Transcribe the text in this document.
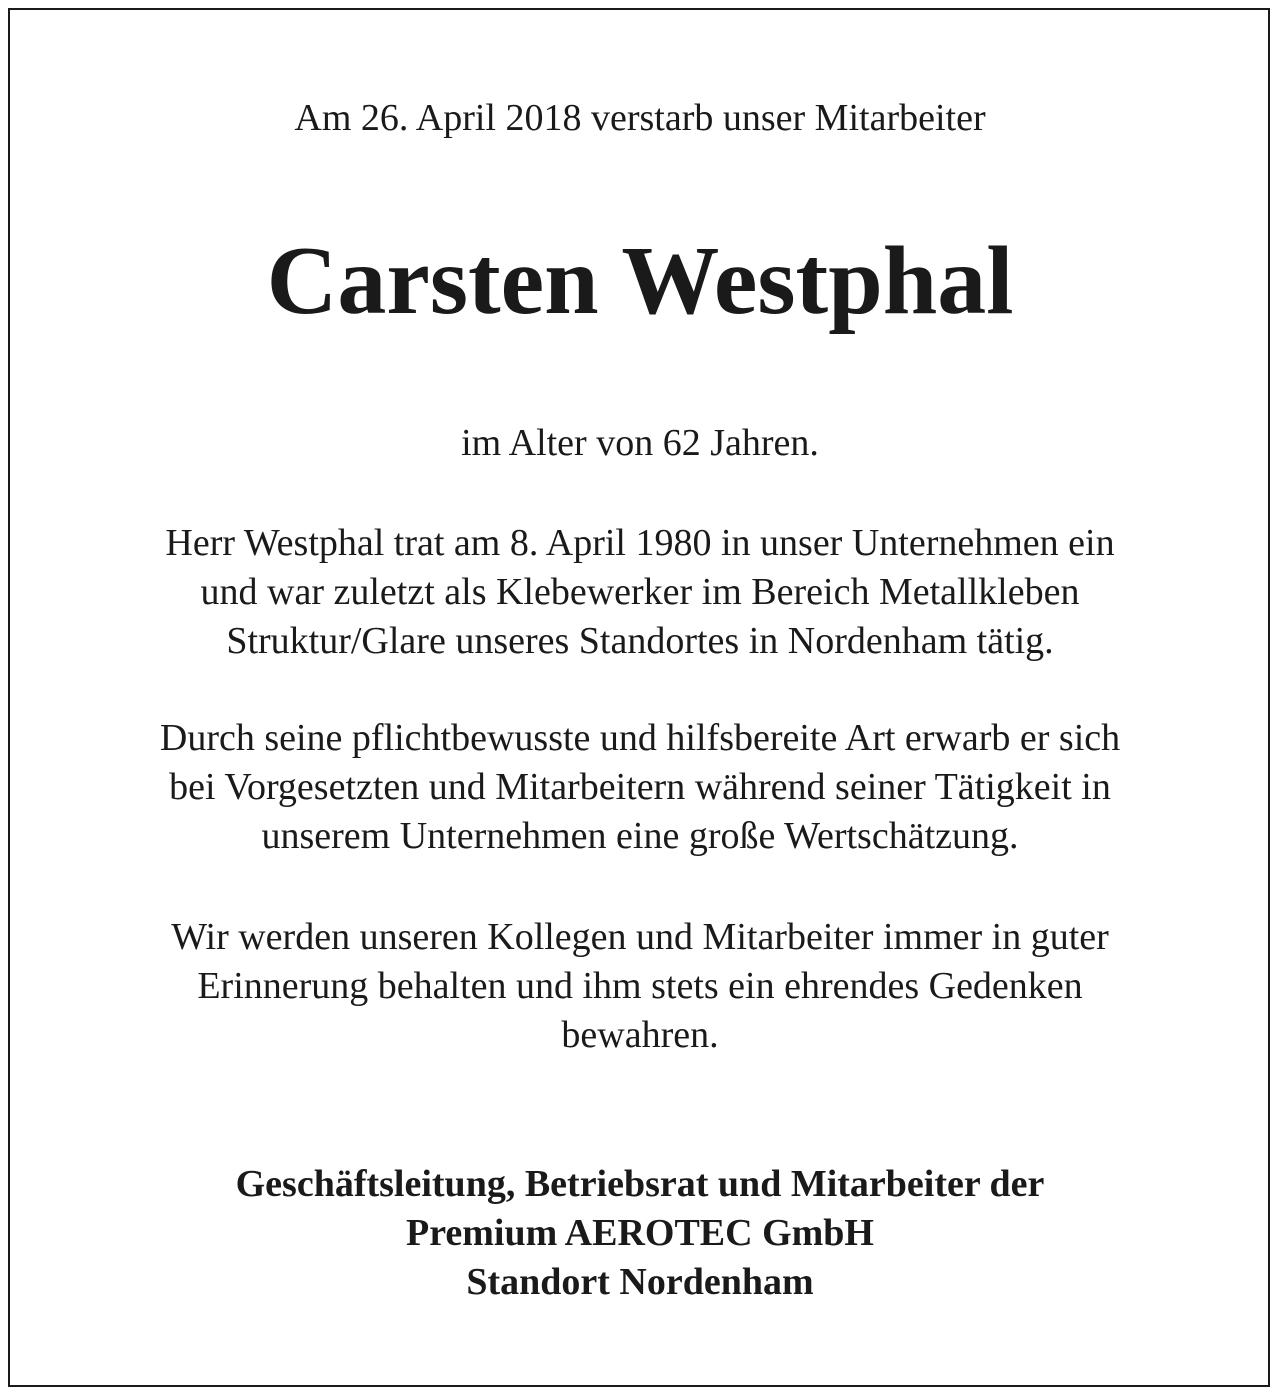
Am 26. April 2018 verstarb unser Mitarbeiter

Carsten Westphal

im Alter von 62 Jahren.

Herr Westphal trat am 8. April 1980 in unser Unternehmen ein
und war zuletzt als Klebewerker im Bereich Metallkleben
Struktur/Glare unseres Standortes in Nordenham tätig.

Durch seine pflichtbewusste und hilfsbereite Art erwarb er sich
bei Vorgesetzten und Mitarbeitern während seiner Tätigkeit in
unserem Unternehmen eine große Wertschätzung.

Wir werden unseren Kollegen und Mitarbeiter immer in guter
Erinnerung behalten und ihm stets ein ehrendes Gedenken
bewahren.

Geschäftsleitung, Betriebsrat und Mitarbeiter der
Premium AEROTEC GmbH
Standort Nordenham
